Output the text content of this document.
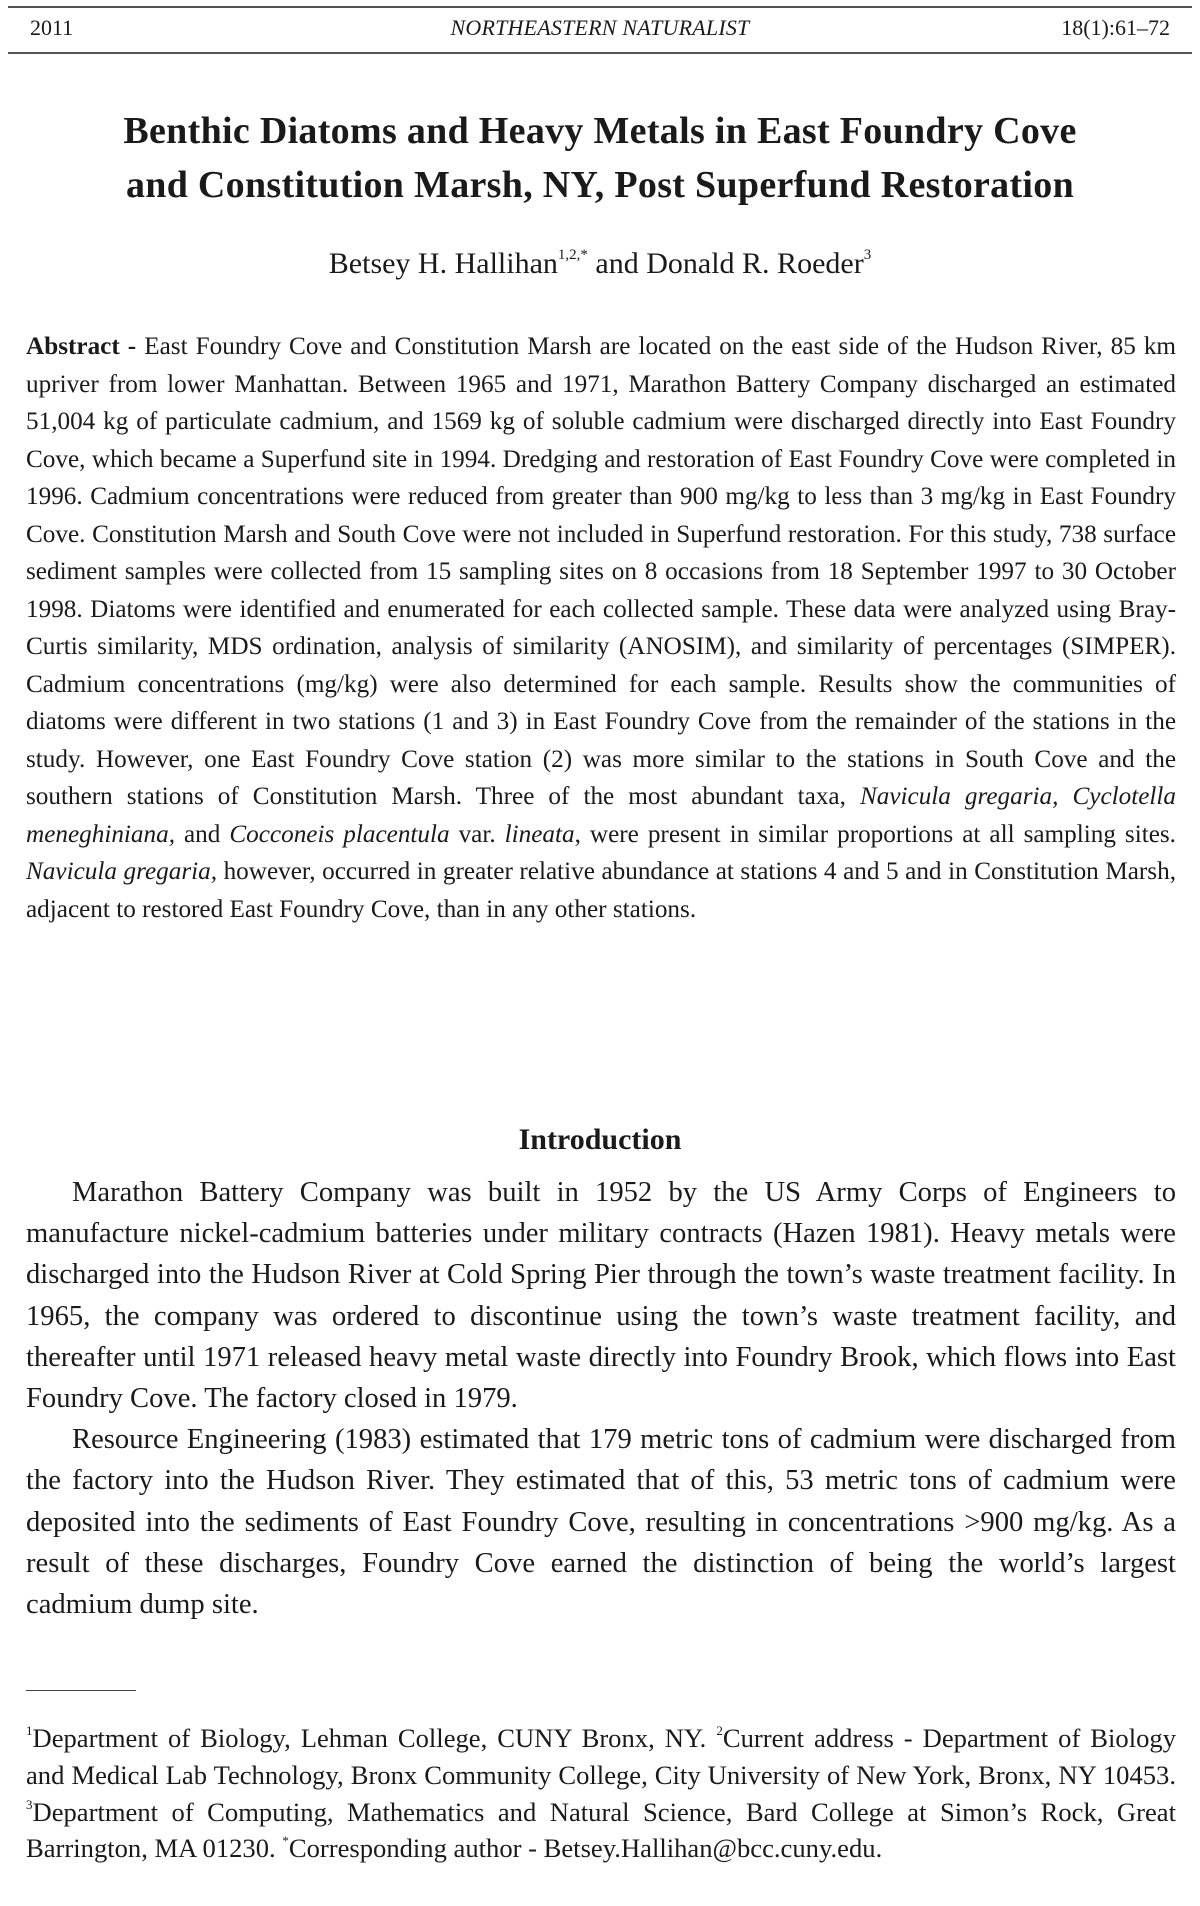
2011	NORTHEASTERN NATURALIST	18(1):61–72
Benthic Diatoms and Heavy Metals in East Foundry Cove
and Constitution Marsh, NY, Post Superfund Restoration
Betsey H. Hallihan$^{1,2,*}$ and Donald R. Roeder$^3$
Abstract - East Foundry Cove and Constitution Marsh are located on the east side of the Hudson River, 85 km upriver from lower Manhattan. Between 1965 and 1971, Marathon Battery Company discharged an estimated 51,004 kg of particulate cadmium, and 1569 kg of soluble cadmium were discharged directly into East Foundry Cove, which became a Superfund site in 1994. Dredging and restoration of East Foundry Cove were completed in 1996. Cadmium concentrations were reduced from greater than 900 mg/kg to less than 3 mg/kg in East Foundry Cove. Constitution Marsh and South Cove were not included in Superfund restoration. For this study, 738 surface sediment samples were collected from 15 sampling sites on 8 occasions from 18 September 1997 to 30 October 1998. Diatoms were identified and enumerated for each collected sample. These data were analyzed using Bray-Curtis similarity, MDS ordination, analysis of similarity (ANOSIM), and similarity of percentages (SIMPER). Cadmium concentrations (mg/kg) were also determined for each sample. Results show the communities of diatoms were different in two stations (1 and 3) in East Foundry Cove from the remainder of the stations in the study. However, one East Foundry Cove station (2) was more similar to the stations in South Cove and the southern stations of Constitution Marsh. Three of the most abundant taxa, Navicula gregaria, Cyclotella meneghiniana, and Cocconeis placentula var. lineata, were present in similar proportions at all sampling sites. Navicula gregaria, however, occurred in greater relative abundance at stations 4 and 5 and in Constitution Marsh, adjacent to restored East Foundry Cove, than in any other stations.
Introduction

Marathon Battery Company was built in 1952 by the US Army Corps of Engineers to manufacture nickel-cadmium batteries under military contracts (Hazen 1981). Heavy metals were discharged into the Hudson River at Cold Spring Pier through the town’s waste treatment facility. In 1965, the company was ordered to discontinue using the town’s waste treatment facility, and thereafter until 1971 released heavy metal waste directly into Foundry Brook, which flows into East Foundry Cove. The factory closed in 1979.

Resource Engineering (1983) estimated that 179 metric tons of cadmium were discharged from the factory into the Hudson River. They estimated that of this, 53 metric tons of cadmium were deposited into the sediments of East Foundry Cove, resulting in concentrations >900 mg/kg. As a result of these discharges, Foundry Cove earned the distinction of being the world’s largest cadmium dump site.

$^1$Department of Biology, Lehman College, CUNY Bronx, NY. $^2$Current address - Department of Biology and Medical Lab Technology, Bronx Community College, City University of New York, Bronx, NY 10453. $^3$Department of Computing, Mathematics and Natural Science, Bard College at Simon’s Rock, Great Barrington, MA 01230. *Corresponding author - Betsey.Hallihan@bcc.cuny.edu.
